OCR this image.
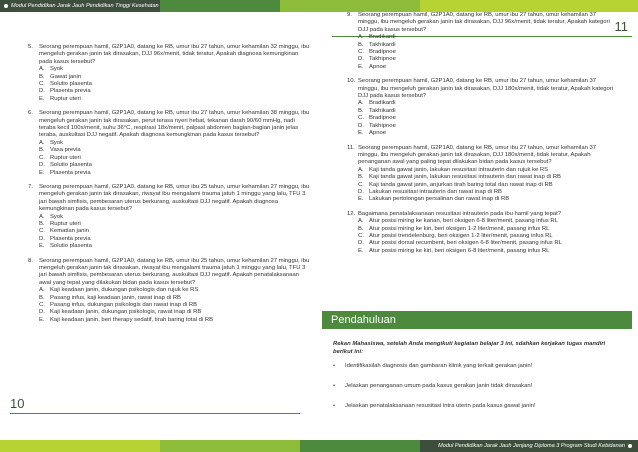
Modul Pendidikan Jarak Jauh Pendidikan Tinggi Kesehatan
11
5.	Seorang perempuan hamil, G2P1A0, datang ke RB, umur ibu 27 tahun, umur kehamilan 32 minggu, ibu mengeluh gerakan janin tak dirasakan, DJJ 96x/menit, tidak teratur, Apakah diagnosa kemungkinan pada kasus tersebut?
A. Syok
B. Gawat janin
C. Solutio plasenta
D. Plasenta previa
E. Ruptur uteri
6.	Seorang perempuan hamil, G2P1A0, datang ke RB, umur ibu 27 tahun, umur kehamilan 38 minggu, ibu mengeluh gerakan janin tak dirasakan, perut terasa nyeri hebat, tekanan darah 90/60 mmHg, nadi teraba kecil 100x/menit, suhu 36°C, respirasi 18x/menit, palpasi abdomen bagian-bagian janin jelas teraba, auskultasi DJJ negatif. Apakah diagnosa kemungkinan pada kasus tersebut?
A. Syok
B. Vasa previa
C. Ruptur uteri
D. Solutio plasenta
E. Plasenta previa
7.	Seorang perempuan hamil, G2P1A0, datang ke RB, umur ibu 25 tahun, umur kehamilan 27 minggu, ibu mengeluh gerakan janin tak dirasakan, riwayat ibu mengalami trauma jatuh 1 minggu yang lalu, TFU 3 jari bawah simfisis, pembesaran uterus berkurang, auskultasi DJJ negatif. Apakah diagnosa kemungkinan pada kasus tersebut?
A. Syok
B. Ruptur uteri
C. Kematian janin
D. Plasenta previa
E. Solutio plasenta
8.	Seorang perempuan hamil, G2P1A0, datang ke RB, umur ibu 25 tahun, umur kehamilan 27 minggu, ibu mengeluh gerakan janin tak dirasakan, riwayat ibu mengalami trauma jatuh 1 minggu yang lalu, TFU 3 jari bawah simfisis, pembesaran uterus berkurang, auskultasi DJJ negatif. Apakah penatalaksanaan awal yang tepat yang dilakukan bidan pada kasus tersebut?
A. Kaji keadaan janin, dukungan psikologis dan rujuk ke RS
B. Pasang infus, kaji keadaan janin, rawat inap di RB
C. Pasang infus, dukungan psikologis dan rawat inap di RB
D. Kaji keadaan janin, dukungan psikologis, rawat inap di RB
E. Kaji keadaan janin, beri therapy sedatif, tirah baring total di RB
9.	Seorang perempuan hamil, G2P1A0, datang ke RB, umur ibu 27 tahun, umur kehamilan 37 minggu, ibu mengeluh gerakan janin tak dirasakan, DJJ 96x/menit, tidak teratur, Apakah kategori DJJ pada kasus tersebut?
A. Bradikardi
B. Takhikardi
C. Bradipnoe
D. Takhipnoe
E. Apnoe
10. Seorang perempuan hamil, G2P1A0, datang ke RB, umur ibu 27 tahun, umur kehamilan 37 minggu, ibu mengeluh gerakan janin tak dirasakan, DJJ 180x/menit, tidak teratur, Apakah kategori DJJ pada kasus tersebut?
A. Bradikardi
B. Takhikardi
C. Bradipnoe
D. Takhipnoe
E. Apnoe
11. Seorang perempuan hamil, G2P1A0, datang ke RB, umur ibu 27 tahun, umur kehamilan 37 minggu, ibu mengeluh gerakan janin tak dirasakan, DJJ 180x/menit, tidak teratur, Apakah penanganan awal yang paling tepat dilakukan bidan pada kasus tersebut?
A. Kaji tanda gawat janin, lakukan resusitasi intrauterin dan rujuk ke RS
B. Kaji tanda gawat janin, lakukan resusitasi intrauterin dan rawat inap di RB
C. Kaji tanda gawat janin, anjurkan tirah baring total dan rawat inap di RB
D. Lakukan resusitasi intrauterin dan rawat inap di RB
E. Lakukan pertolongan persalinan dan rawat inap di RB
12. Bagaimana penatalaksanaan resusitasi intrauterin pada ibu hamil yang tepat?
A. Atur posisi miring ke kanan, beri oksigen 6-8 liter/menit, pasang infus RL
B. Atur posisi miring ke kiri, beri oksigen 1-2 liter/menit, pasang infus RL
C. Atur posisi trendelenburg, beri oksigen 1-2 liter/menit, pasang infus RL
D. Atur posisi dorsal recumbent, beri oksigen 6-8 liter/menit, pasang infus RL
E. Atur posisi miring ke kiri, beri oksigen 6-8 liter/menit, pasang infus RL
Pendahuluan
Rekan Mahasiswa, setelah Anda mengikuti kegiatan belajar 3 ini, sdahkan kerjakan tugas mandiri berikut ini:
•	Identifikasilah diagnosis dan gambaran klinik yang terkait gerakan janin!
•	Jelaskan penanganan umum pada kasus gerakan janin tidak dirasakan!
•	Jelaskan penatalaksanaan resusitasi intra uterin pada kasus gawat janin!
10
Modul Pendidikan Jarak Jauh Jenjang Diploma 3 Program Studi Kebidanan
